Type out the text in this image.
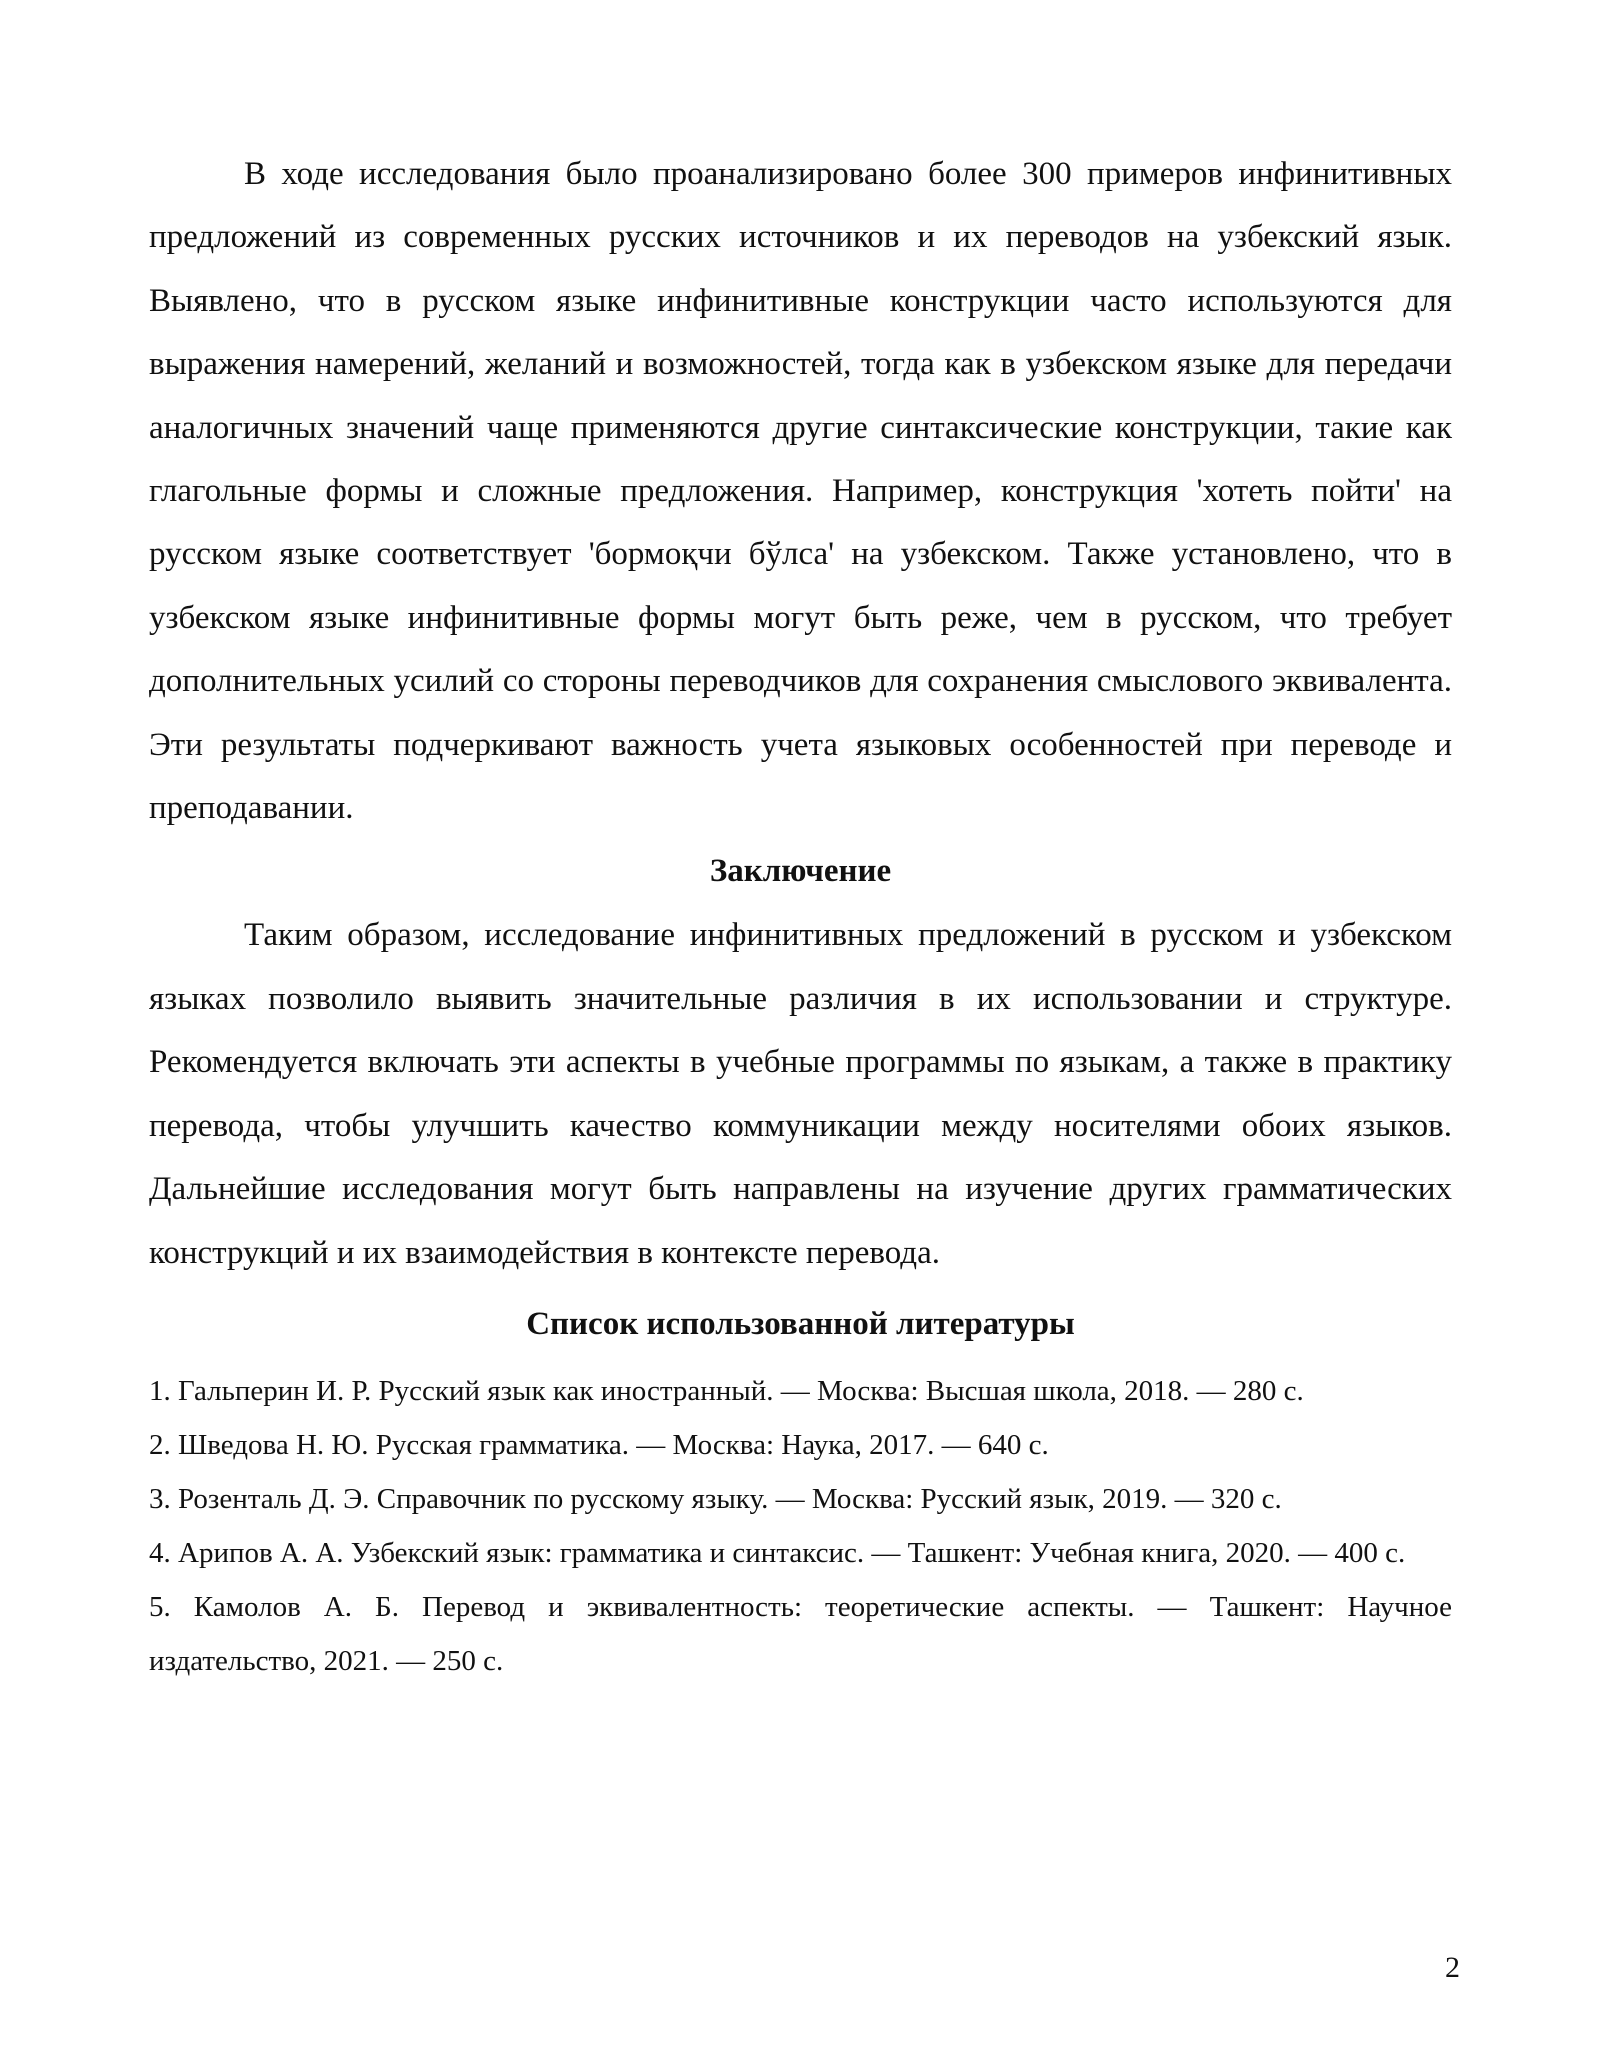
В ходе исследования было проанализировано более 300 примеров инфинитивных предложений из современных русских источников и их переводов на узбекский язык. Выявлено, что в русском языке инфинитивные конструкции часто используются для выражения намерений, желаний и возможностей, тогда как в узбекском языке для передачи аналогичных значений чаще применяются другие синтаксические конструкции, такие как глагольные формы и сложные предложения. Например, конструкция 'хотеть пойти' на русском языке соответствует 'бормоқчи бўлса' на узбекском. Также установлено, что в узбекском языке инфинитивные формы могут быть реже, чем в русском, что требует дополнительных усилий со стороны переводчиков для сохранения смыслового эквивалента. Эти результаты подчеркивают важность учета языковых особенностей при переводе и преподавании.

Заключение

Таким образом, исследование инфинитивных предложений в русском и узбекском языках позволило выявить значительные различия в их использовании и структуре. Рекомендуется включать эти аспекты в учебные программы по языкам, а также в практику перевода, чтобы улучшить качество коммуникации между носителями обоих языков. Дальнейшие исследования могут быть направлены на изучение других грамматических конструкций и их взаимодействия в контексте перевода.

Список использованной литературы
1. Гальперин И. Р. Русский язык как иностранный. — Москва: Высшая школа, 2018. — 280 с.
2. Шведова Н. Ю. Русская грамматика. — Москва: Наука, 2017. — 640 с.
3. Розенталь Д. Э. Справочник по русскому языку. — Москва: Русский язык, 2019. — 320 с.
4. Арипов А. А. Узбекский язык: грамматика и синтаксис. — Ташкент: Учебная книга, 2020. — 400 с.
5. Камолов А. Б. Перевод и эквивалентность: теоретические аспекты. — Ташкент: Научное издательство, 2021. — 250 с.
2
